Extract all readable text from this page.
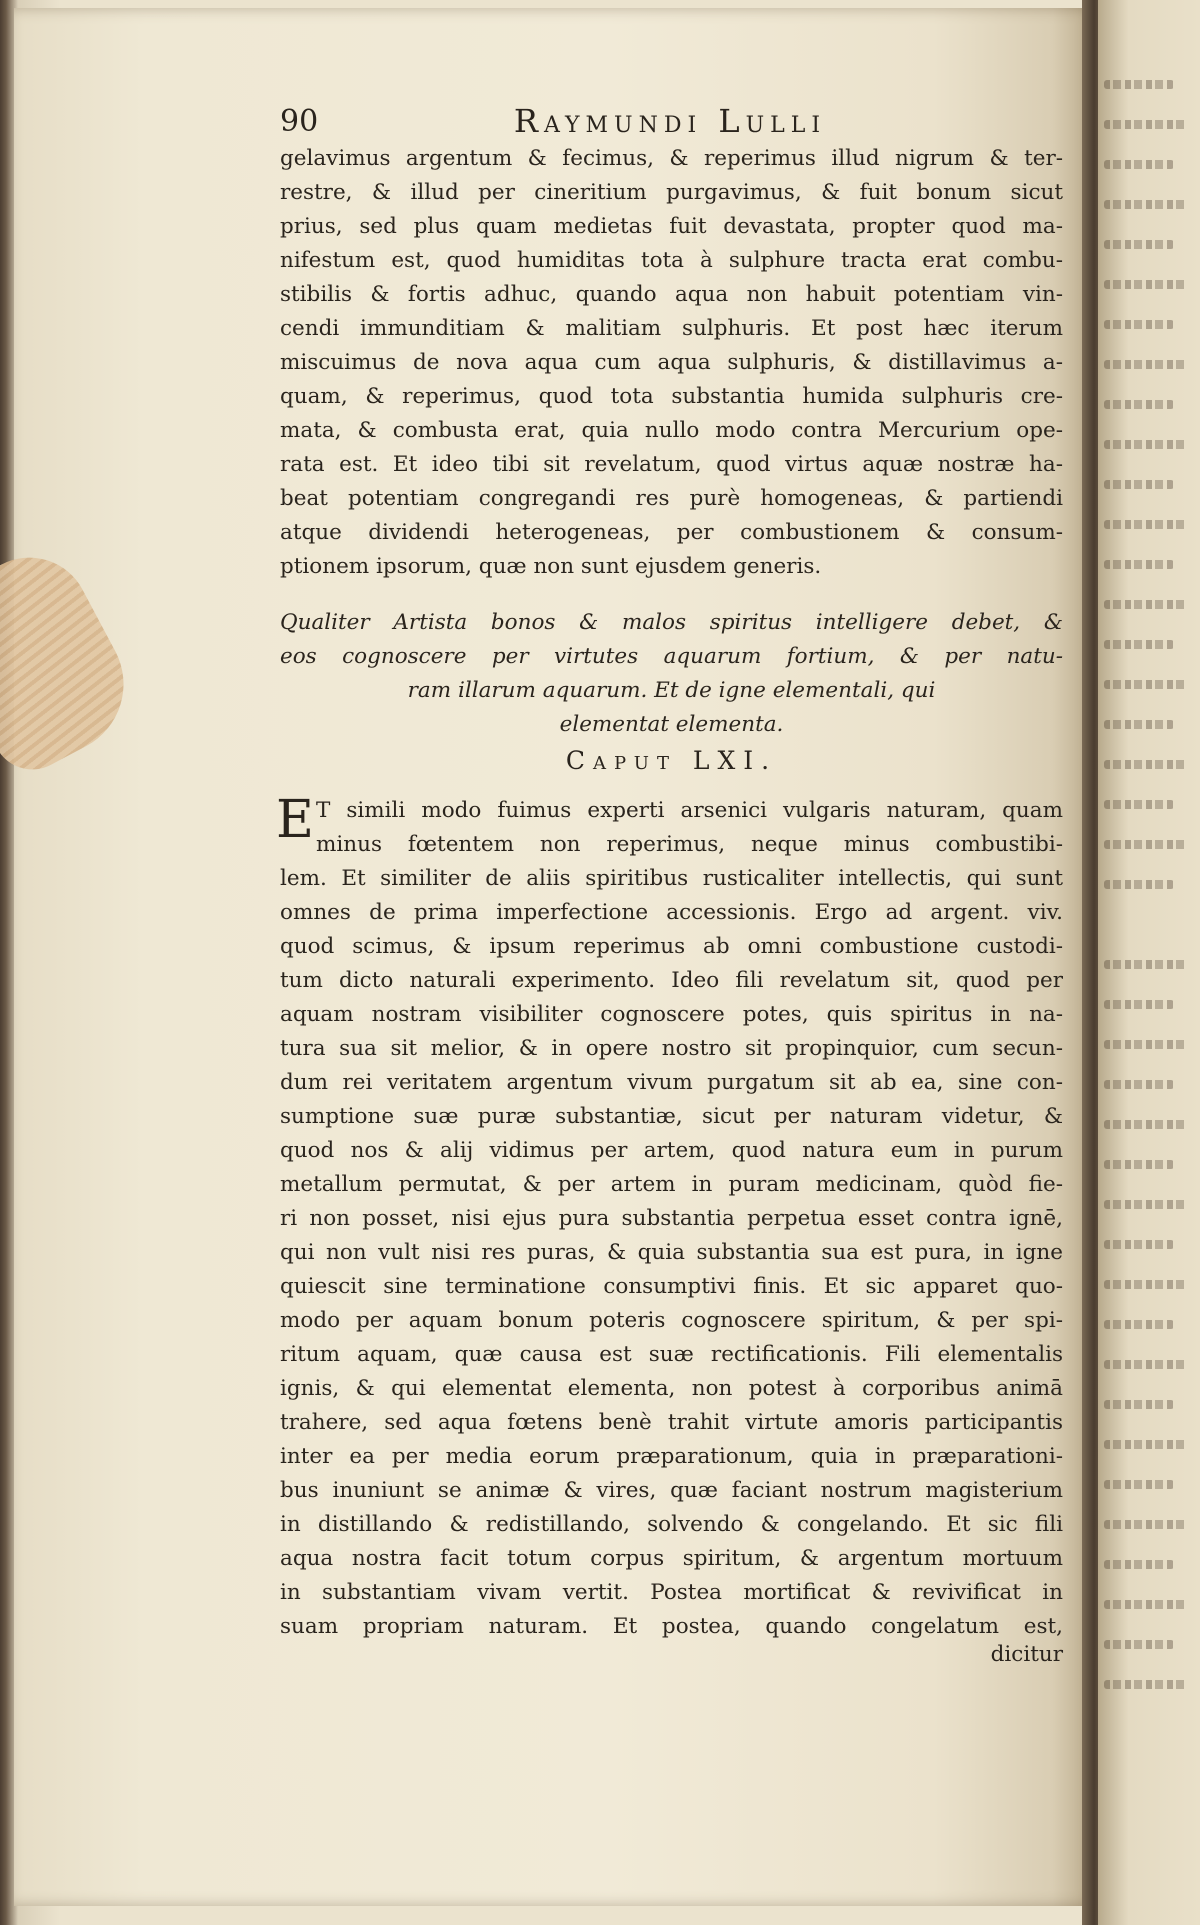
90	Raymundi Lulli
gelavimus argentum & fecimus, & reperimus illud nigrum & ter-
restre, & illud per cineritium purgavimus, & fuit bonum sicut
prius, sed plus quam medietas fuit devastata, propter quod ma-
nifestum est, quod humiditas tota à sulphure tracta erat combu-
stibilis & fortis adhuc, quando aqua non habuit potentiam vin-
cendi immunditiam & malitiam sulphuris. Et post hæc iterum
miscuimus de nova aqua cum aqua sulphuris, & distillavimus a-
quam, & reperimus, quod tota substantia humida sulphuris cre-
mata, & combusta erat, quia nullo modo contra Mercurium ope-
rata est. Et ideo tibi sit revelatum, quod virtus aquæ nostræ ha-
beat potentiam congregandi res purè homogeneas, & partiendi
atque dividendi heterogeneas, per combustionem & consum-
ptionem ipsorum, quæ non sunt ejusdem generis.
Qualiter Artista bonos & malos spiritus intelligere debet, &
eos cognoscere per virtutes aquarum fortium, & per natu-
ram illarum aquarum. Et de igne elementali, qui
elementat elementa.
Caput LXI.
E T simili modo fuimus experti arsenici vulgaris naturam, quam
minus fœtentem non reperimus, neque minus combustibi-
lem. Et similiter de aliis spiritibus rusticaliter intellectis, qui sunt
omnes de prima imperfectione accessionis. Ergo ad argent. viv.
quod scimus, & ipsum reperimus ab omni combustione custodi-
tum dicto naturali experimento. Ideo fili revelatum sit, quod per
aquam nostram visibiliter cognoscere potes, quis spiritus in na-
tura sua sit melior, & in opere nostro sit propinquior, cum secun-
dum rei veritatem argentum vivum purgatum sit ab ea, sine con-
sumptione suæ puræ substantiæ, sicut per naturam videtur, &
quod nos & alij vidimus per artem, quod natura eum in purum
metallum permutat, & per artem in puram medicinam, quòd fie-
ri non posset, nisi ejus pura substantia perpetua esset contra ignē,
qui non vult nisi res puras, & quia substantia sua est pura, in igne
quiescit sine terminatione consumptivi finis. Et sic apparet quo-
modo per aquam bonum poteris cognoscere spiritum, & per spi-
ritum aquam, quæ causa est suæ rectificationis. Fili elementalis
ignis, & qui elementat elementa, non potest à corporibus animā
trahere, sed aqua fœtens benè trahit virtute amoris participantis
inter ea per media eorum præparationum, quia in præparationi-
bus inuniunt se animæ & vires, quæ faciant nostrum magisterium
in distillando & redistillando, solvendo & congelando. Et sic fili
aqua nostra facit totum corpus spiritum, & argentum mortuum
in substantiam vivam vertit. Postea mortificat & revivificat in
suam propriam naturam. Et postea, quando congelatum est,
dicitur
